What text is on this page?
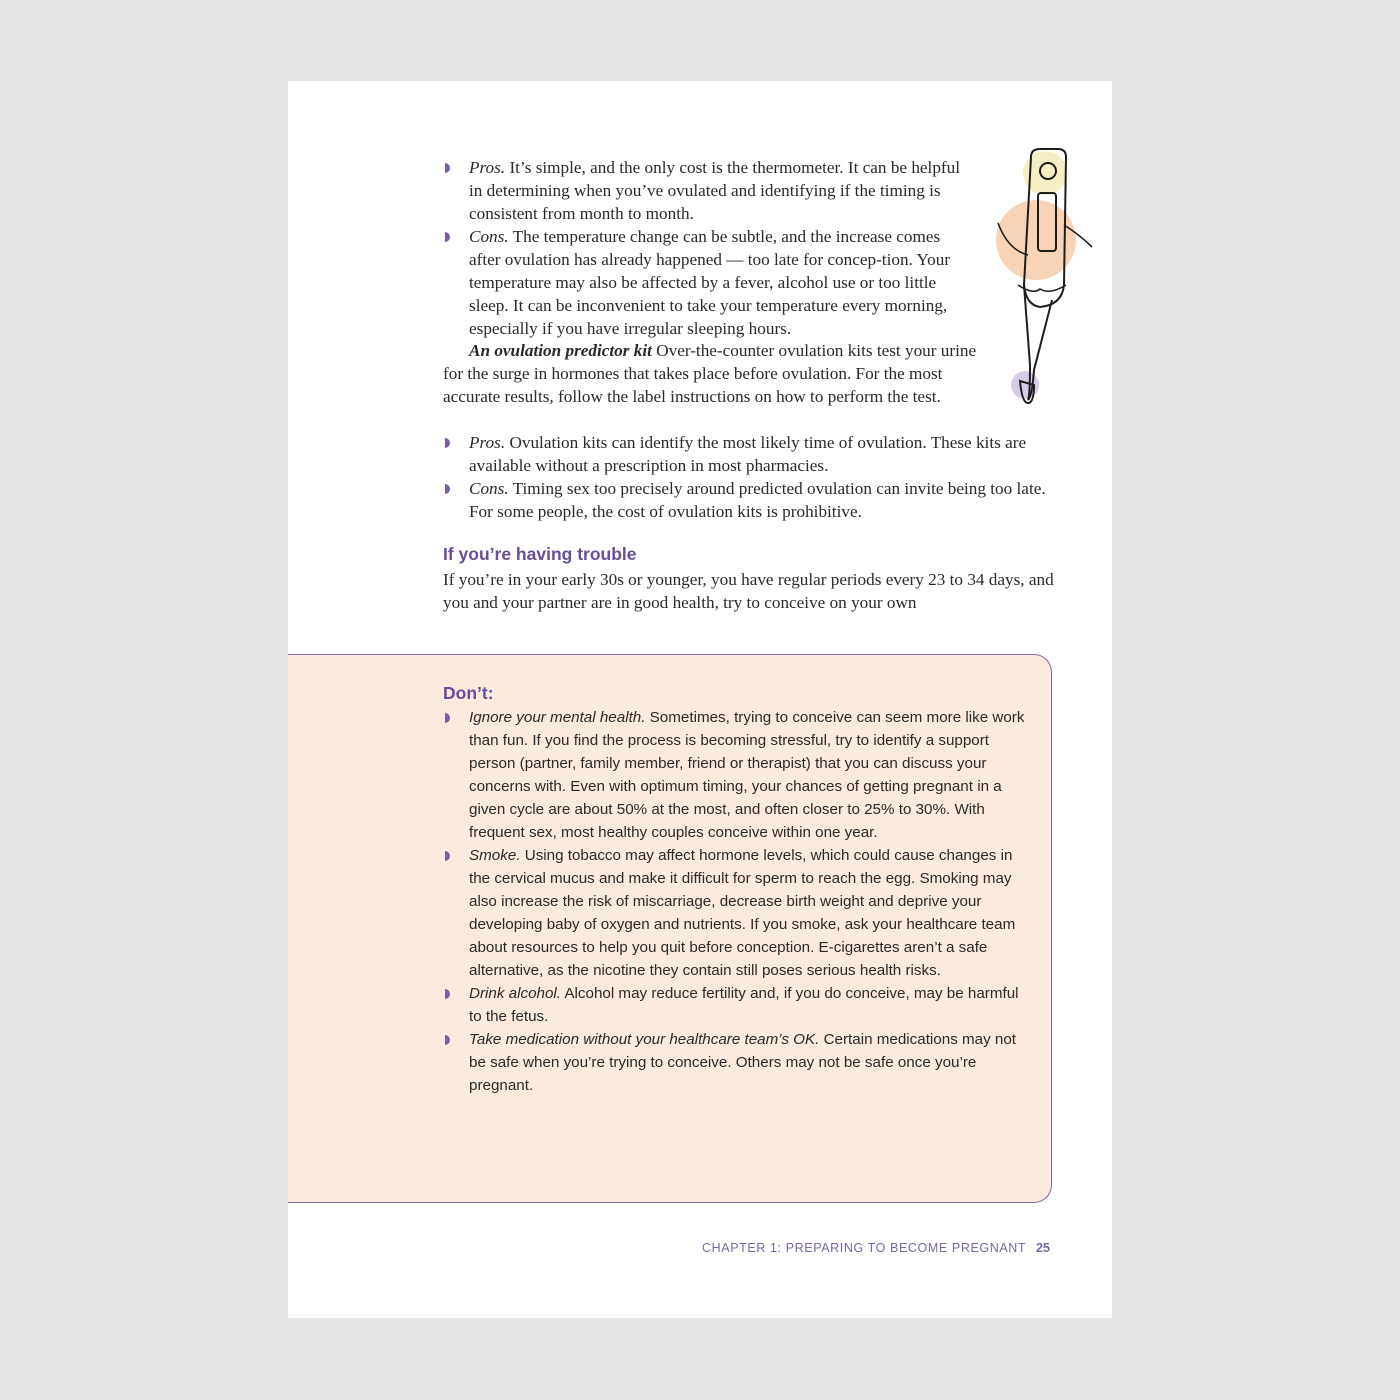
Pros. It’s simple, and the only cost is the thermometer. It can be helpful in determining when you’ve ovulated and identifying if the timing is consistent from month to month.
Cons. The temperature change can be subtle, and the increase comes after ovulation has already happened — too late for concep-tion. Your temperature may also be affected by a fever, alcohol use or too little sleep. It can be inconvenient to take your temperature every morning, especially if you have irregular sleeping hours.

An ovulation predictor kit Over-the-counter ovulation kits test your urine for the surge in hormones that takes place before ovulation. For the most accurate results, follow the label instructions on how to perform the test.

Pros. Ovulation kits can identify the most likely time of ovulation. These kits are available without a prescription in most pharmacies.
Cons. Timing sex too precisely around predicted ovulation can invite being too late. For some people, the cost of ovulation kits is prohibitive.
If you’re having trouble

If you’re in your early 30s or younger, you have regular periods every 23 to 34 days, and you and your partner are in good health, try to conceive on your own

Don’t:
Ignore your mental health. Sometimes, trying to conceive can seem more like work than fun. If you find the process is becoming stressful, try to identify a support person (partner, family member, friend or therapist) that you can discuss your concerns with. Even with optimum timing, your chances of getting pregnant in a given cycle are about 50% at the most, and often closer to 25% to 30%. With frequent sex, most healthy couples conceive within one year.
Smoke. Using tobacco may affect hormone levels, which could cause changes in the cervical mucus and make it difficult for sperm to reach the egg. Smoking may also increase the risk of miscarriage, decrease birth weight and deprive your developing baby of oxygen and nutrients. If you smoke, ask your healthcare team about resources to help you quit before conception. E-cigarettes aren’t a safe alternative, as the nicotine they contain still poses serious health risks.
Drink alcohol. Alcohol may reduce fertility and, if you do conceive, may be harmful to the fetus.
Take medication without your healthcare team’s OK. Certain medications may not be safe when you’re trying to conceive. Others may not be safe once you’re pregnant.
CHAPTER 1: PREPARING TO BECOME PREGNANT 25
